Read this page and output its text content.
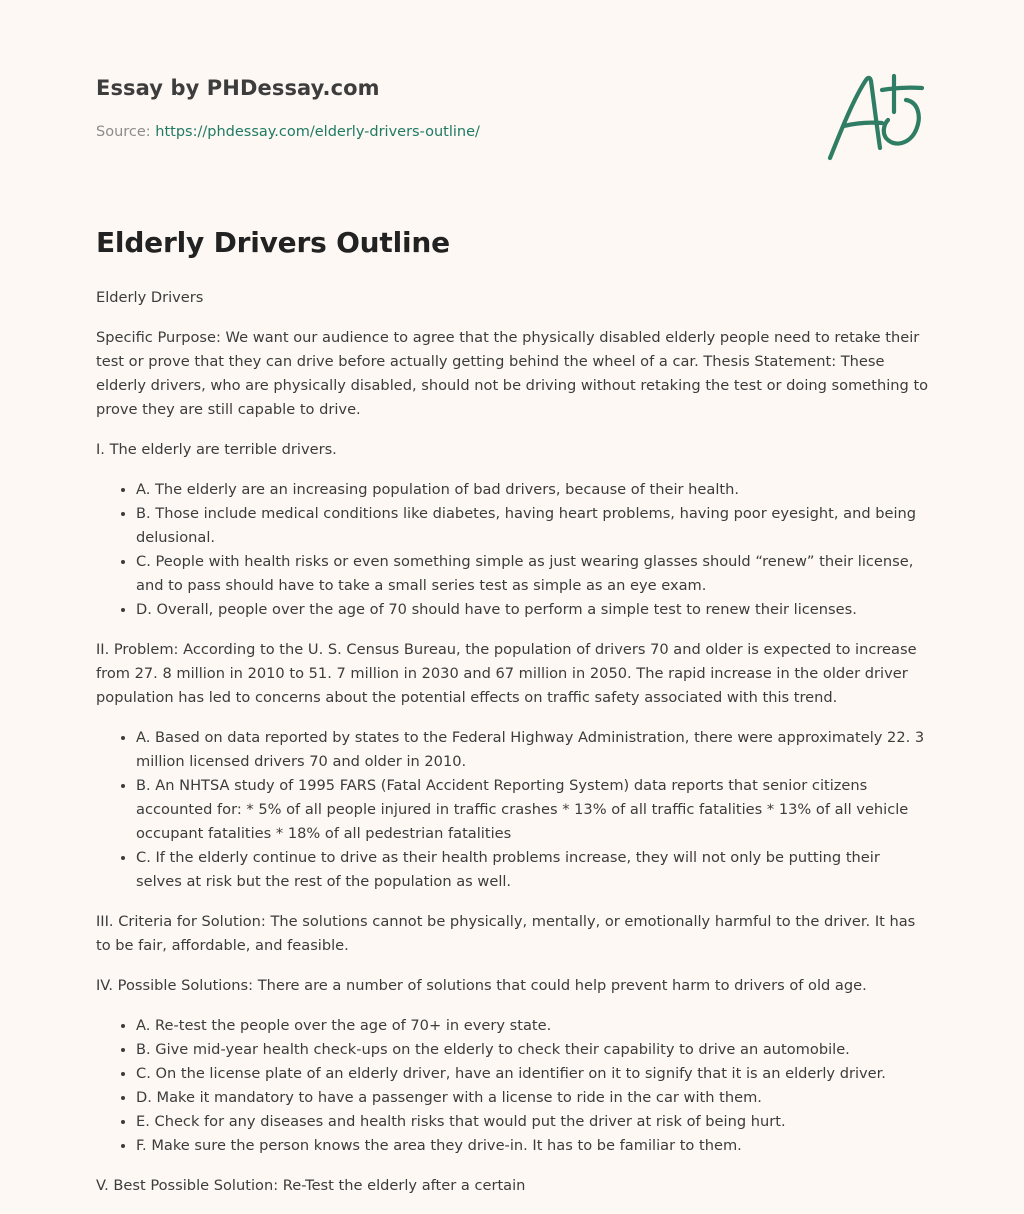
Essay by PHDessay.com

Source: https://phdessay.com/elderly-drivers-outline/

Elderly Drivers Outline

Elderly Drivers

Specific Purpose: We want our audience to agree that the physically disabled elderly people need to retake their test or prove that they can drive before actually getting behind the wheel of a car. Thesis Statement: These elderly drivers, who are physically disabled, should not be driving without retaking the test or doing something to prove they are still capable to drive.

I. The elderly are terrible drivers.

• A. The elderly are an increasing population of bad drivers, because of their health.
• B. Those include medical conditions like diabetes, having heart problems, having poor eyesight, and being delusional.
• C. People with health risks or even something simple as just wearing glasses should “renew” their license, and to pass should have to take a small series test as simple as an eye exam.
• D. Overall, people over the age of 70 should have to perform a simple test to renew their licenses.

II. Problem: According to the U. S. Census Bureau, the population of drivers 70 and older is expected to increase from 27. 8 million in 2010 to 51. 7 million in 2030 and 67 million in 2050. The rapid increase in the older driver population has led to concerns about the potential effects on traffic safety associated with this trend.

• A. Based on data reported by states to the Federal Highway Administration, there were approximately 22. 3 million licensed drivers 70 and older in 2010.
• B. An NHTSA study of 1995 FARS (Fatal Accident Reporting System) data reports that senior citizens accounted for: * 5% of all people injured in traffic crashes * 13% of all traffic fatalities * 13% of all vehicle occupant fatalities * 18% of all pedestrian fatalities
• C. If the elderly continue to drive as their health problems increase, they will not only be putting their selves at risk but the rest of the population as well.

III. Criteria for Solution: The solutions cannot be physically, mentally, or emotionally harmful to the driver. It has to be fair, affordable, and feasible.

IV. Possible Solutions: There are a number of solutions that could help prevent harm to drivers of old age.

• A. Re-test the people over the age of 70+ in every state.
• B. Give mid-year health check-ups on the elderly to check their capability to drive an automobile.
• C. On the license plate of an elderly driver, have an identifier on it to signify that it is an elderly driver.
• D. Make it mandatory to have a passenger with a license to ride in the car with them.
• E. Check for any diseases and health risks that would put the driver at risk of being hurt.
• F. Make sure the person knows the area they drive-in. It has to be familiar to them.

V. Best Possible Solution: Re-Test the elderly after a certain
